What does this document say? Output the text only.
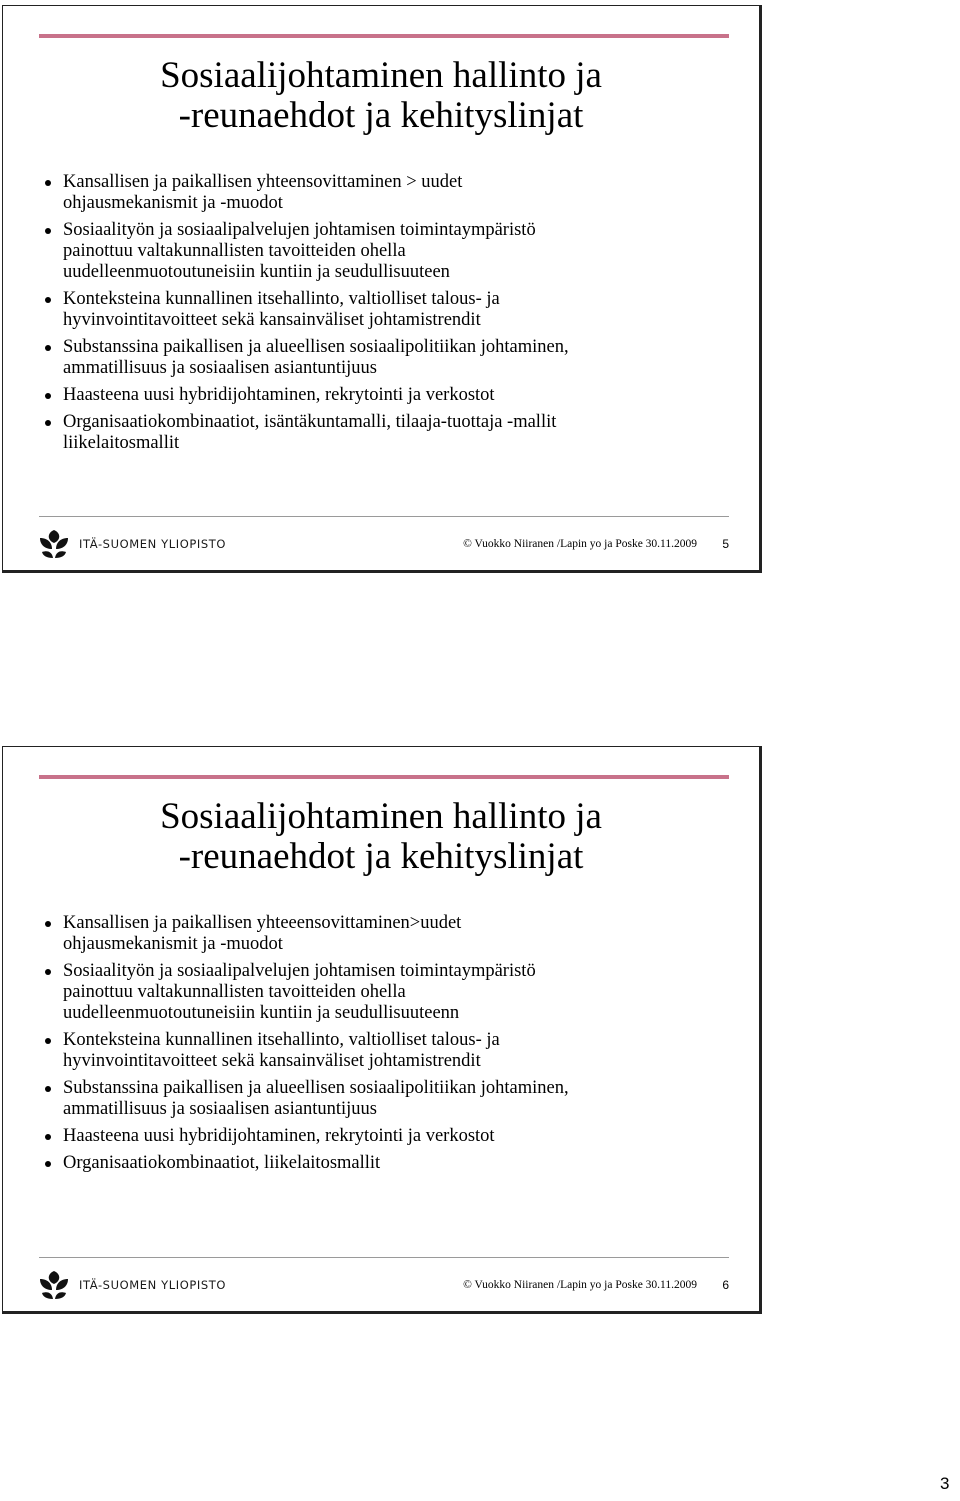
Sosiaalijohtaminen hallinto ja
-reunaehdot ja kehityslinjat
Kansallisen ja paikallisen yhteensovittaminen > uudet
ohjausmekanismit ja -muodot
Sosiaalityön ja sosiaalipalvelujen johtamisen toimintaympäristö
painottuu valtakunnallisten tavoitteiden ohella
uudelleenmuotoutuneisiin kuntiin ja seudullisuuteen
Konteksteina kunnallinen itsehallinto, valtiolliset talous- ja
hyvinvointitavoitteet sekä kansainväliset johtamistrendit
Substanssina paikallisen ja alueellisen sosiaalipolitiikan johtaminen,
ammatillisuus ja sosiaalisen asiantuntijuus
Haasteena uusi hybridijohtaminen, rekrytointi ja verkostot
Organisaatiokombinaatiot, isäntäkuntamalli, tilaaja-tuottaja -mallit
liikelaitosmallit
ITÄ-SUOMEN YLIOPISTO	© Vuokko Niiranen /Lapin yo ja Poske 30.11.2009 5
Sosiaalijohtaminen hallinto ja
-reunaehdot ja kehityslinjat
Kansallisen ja paikallisen yhteeensovittaminen>uudet
ohjausmekanismit ja -muodot
Sosiaalityön ja sosiaalipalvelujen johtamisen toimintaympäristö
painottuu valtakunnallisten tavoitteiden ohella
uudelleenmuotoutuneisiin kuntiin ja seudullisuuteenn
Konteksteina kunnallinen itsehallinto, valtiolliset talous- ja
hyvinvointitavoitteet sekä kansainväliset johtamistrendit
Substanssina paikallisen ja alueellisen sosiaalipolitiikan johtaminen,
ammatillisuus ja sosiaalisen asiantuntijuus
Haasteena uusi hybridijohtaminen, rekrytointi ja verkostot
Organisaatiokombinaatiot, liikelaitosmallit
ITÄ-SUOMEN YLIOPISTO	© Vuokko Niiranen /Lapin yo ja Poske 30.11.2009 6
3
